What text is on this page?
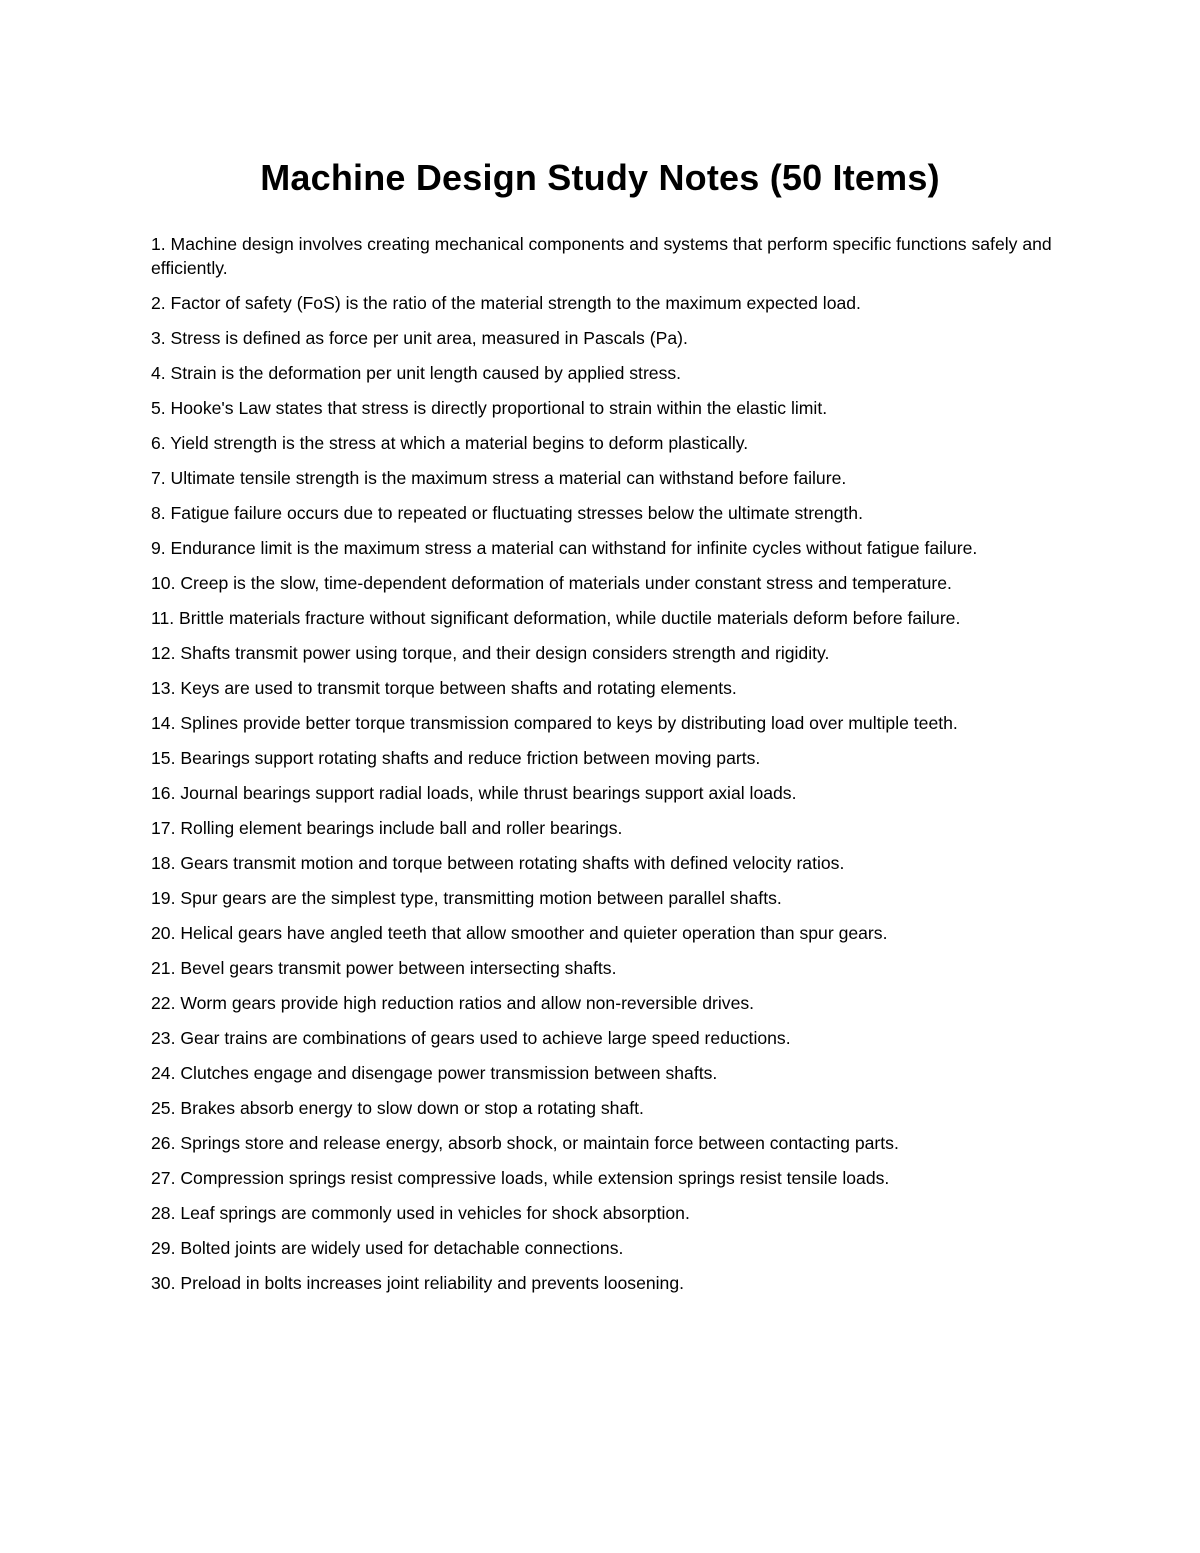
Machine Design Study Notes (50 Items)
1. Machine design involves creating mechanical components and systems that perform specific functions safely and efficiently.
2. Factor of safety (FoS) is the ratio of the material strength to the maximum expected load.
3. Stress is defined as force per unit area, measured in Pascals (Pa).
4. Strain is the deformation per unit length caused by applied stress.
5. Hooke's Law states that stress is directly proportional to strain within the elastic limit.
6. Yield strength is the stress at which a material begins to deform plastically.
7. Ultimate tensile strength is the maximum stress a material can withstand before failure.
8. Fatigue failure occurs due to repeated or fluctuating stresses below the ultimate strength.
9. Endurance limit is the maximum stress a material can withstand for infinite cycles without fatigue failure.
10. Creep is the slow, time-dependent deformation of materials under constant stress and temperature.
11. Brittle materials fracture without significant deformation, while ductile materials deform before failure.
12. Shafts transmit power using torque, and their design considers strength and rigidity.
13. Keys are used to transmit torque between shafts and rotating elements.
14. Splines provide better torque transmission compared to keys by distributing load over multiple teeth.
15. Bearings support rotating shafts and reduce friction between moving parts.
16. Journal bearings support radial loads, while thrust bearings support axial loads.
17. Rolling element bearings include ball and roller bearings.
18. Gears transmit motion and torque between rotating shafts with defined velocity ratios.
19. Spur gears are the simplest type, transmitting motion between parallel shafts.
20. Helical gears have angled teeth that allow smoother and quieter operation than spur gears.
21. Bevel gears transmit power between intersecting shafts.
22. Worm gears provide high reduction ratios and allow non-reversible drives.
23. Gear trains are combinations of gears used to achieve large speed reductions.
24. Clutches engage and disengage power transmission between shafts.
25. Brakes absorb energy to slow down or stop a rotating shaft.
26. Springs store and release energy, absorb shock, or maintain force between contacting parts.
27. Compression springs resist compressive loads, while extension springs resist tensile loads.
28. Leaf springs are commonly used in vehicles for shock absorption.
29. Bolted joints are widely used for detachable connections.
30. Preload in bolts increases joint reliability and prevents loosening.
